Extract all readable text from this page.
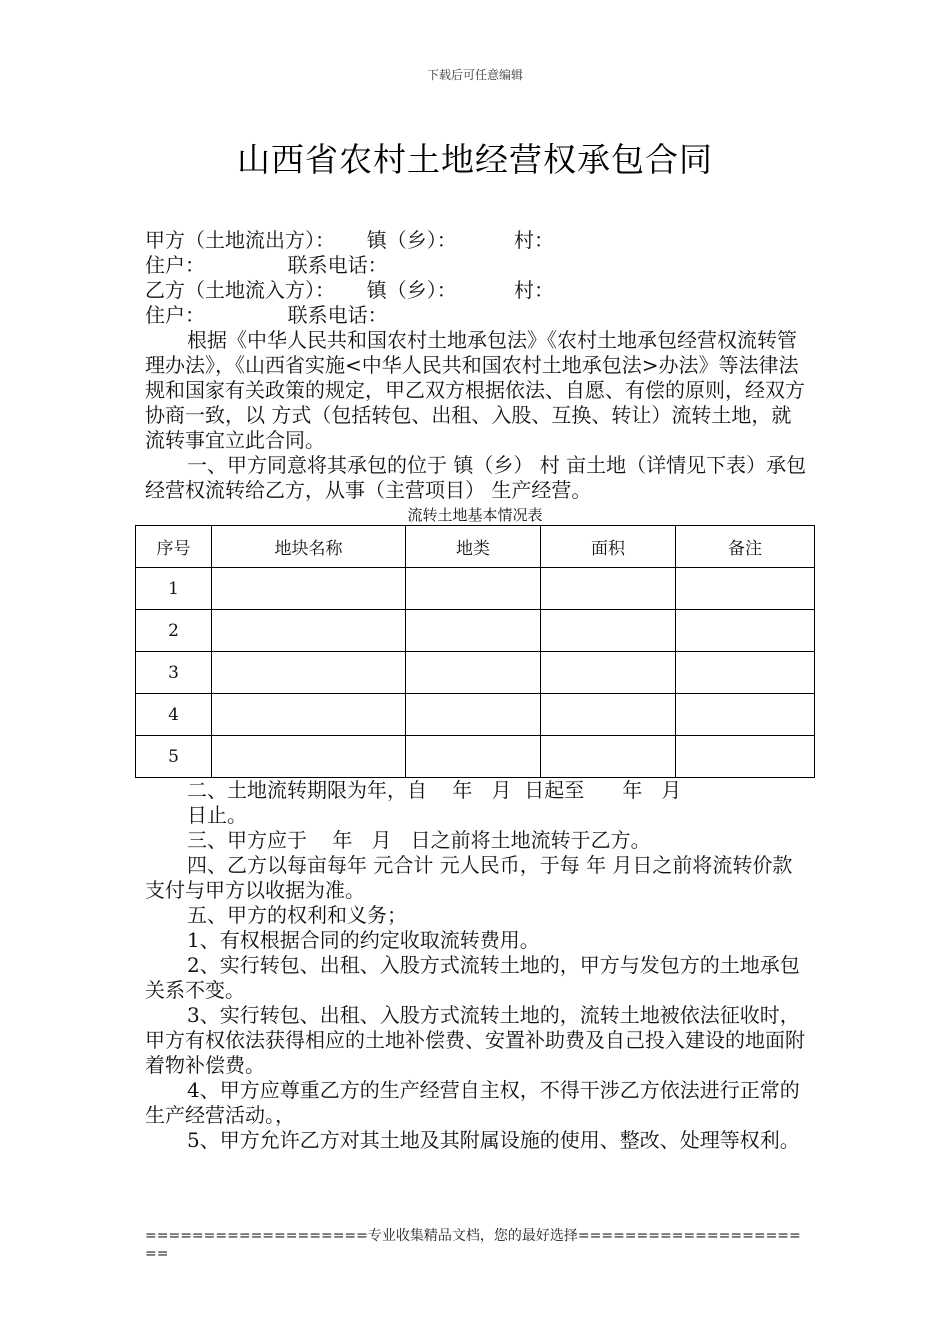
下载后可任意编辑
山西省农村土地经营权承包合同

甲方（土地流出方）：     镇（乡）：         村：

住户：             联系电话：

乙方（土地流入方）：     镇（乡）：         村：

住户：             联系电话：

根据《中华人民共和国农村土地承包法》《农村土地承包经营权流转管理办法》，《山西省实施<中华人民共和国农村土地承包法>办法》等法律法规和国家有关政策的规定，甲乙双方根据依法、自愿、有偿的原则，经双方协商一致，以 方式（包括转包、出租、入股、互换、转让）流转土地，就流转事宜立此合同。

一、甲方同意将其承包的位于 镇（乡） 村 亩土地（详情见下表）承包经营权流转给乙方，从事（主营项目） 生产经营。

流转土地基本情况表
序号	地块名称	地类	面积	备注
1				
2				
3				
4				
5				

二、土地流转期限为年，自    年   月  日起至      年   月

日止。

三、甲方应于    年   月   日之前将土地流转于乙方。

四、乙方以每亩每年 元合计 元人民币，于每 年 月日之前将流转价款支付与甲方以收据为准。

五、甲方的权利和义务；

1、有权根据合同的约定收取流转费用。

2、实行转包、出租、入股方式流转土地的，甲方与发包方的土地承包关系不变。

3、实行转包、出租、入股方式流转土地的，流转土地被依法征收时，甲方有权依法获得相应的土地补偿费、安置补助费及自己投入建设的地面附着物补偿费。

4、甲方应尊重乙方的生产经营自主权，不得干涉乙方依法进行正常的生产经营活动。，

5、甲方允许乙方对其土地及其附属设施的使用、整改、处理等权利。

===================专业收集精品文档，您的最好选择=====================
